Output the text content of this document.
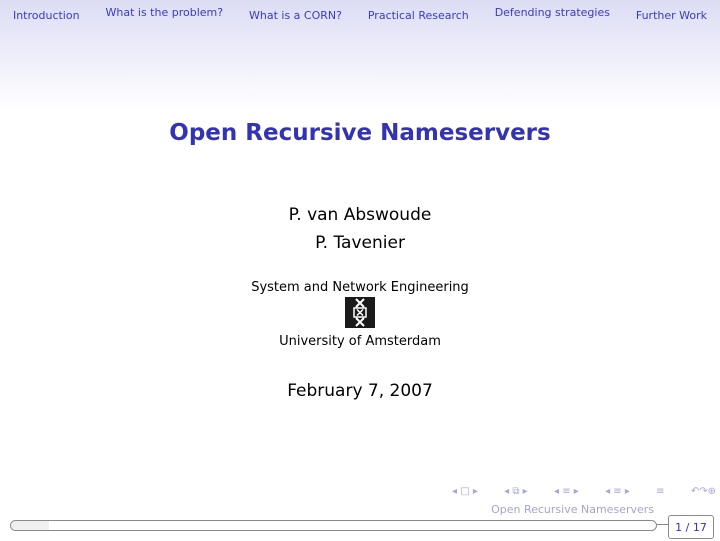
Introduction What is the problem? What is a CORN? Practical Research Defending strategies Further Work
Open Recursive Nameservers
P. van Abswoude
P. Tavenier
System and Network Engineering
University of Amsterdam
February 7, 2007
◂ □ ▸	◂ ⧉ ▸	◂ ≡ ▸	◂ ≡ ▸	≡	↶↷⊕
Open Recursive Nameservers
1 / 17
